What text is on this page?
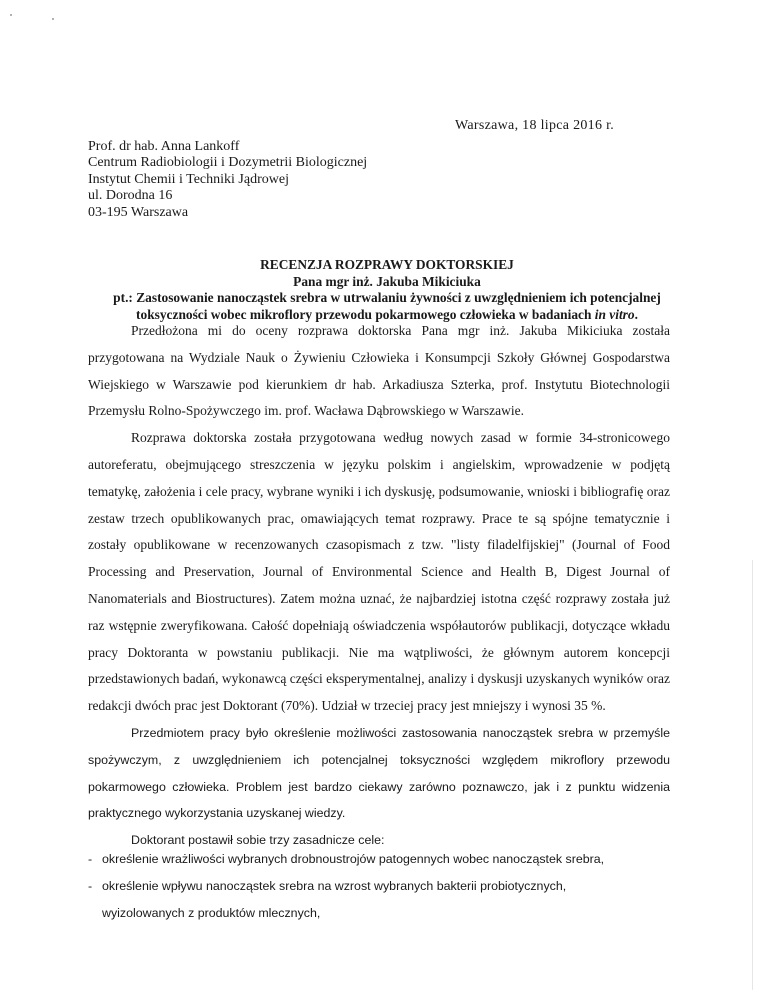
Warszawa, 18 lipca 2016 r.
Prof. dr hab. Anna Lankoff
Centrum Radiobiologii i Dozymetrii Biologicznej
Instytut Chemii i Techniki Jądrowej
ul. Dorodna 16
03-195 Warszawa
RECENZJA ROZPRAWY DOKTORSKIEJ
Pana mgr inż. Jakuba Mikiciuka
pt.: Zastosowanie nanocząstek srebra w utrwalaniu żywności z uwzględnieniem ich potencjalnej
toksyczności wobec mikroflory przewodu pokarmowego człowieka w badaniach in vitro.

Przedłożona mi do oceny rozprawa doktorska Pana mgr inż. Jakuba Mikiciuka została przygotowana na Wydziale Nauk o Żywieniu Człowieka i Konsumpcji Szkoły Głównej Gospodarstwa Wiejskiego w Warszawie pod kierunkiem dr hab. Arkadiusza Szterka, prof. Instytutu Biotechnologii Przemysłu Rolno-Spożywczego im. prof. Wacława Dąbrowskiego w Warszawie.

Rozprawa doktorska została przygotowana według nowych zasad w formie 34-stronicowego autoreferatu, obejmującego streszczenia w języku polskim i angielskim, wprowadzenie w podjętą tematykę, założenia i cele pracy, wybrane wyniki i ich dyskusję, podsumowanie, wnioski i bibliografię oraz zestaw trzech opublikowanych prac, omawiających temat rozprawy. Prace te są spójne tematycznie i zostały opublikowane w recenzowanych czasopismach z tzw. "listy filadelfijskiej" (Journal of Food Processing and Preservation, Journal of Environmental Science and Health B, Digest Journal of Nanomaterials and Biostructures). Zatem można uznać, że najbardziej istotna część rozprawy została już raz wstępnie zweryfikowana. Całość dopełniają oświadczenia współautorów publikacji, dotyczące wkładu pracy Doktoranta w powstaniu publikacji. Nie ma wątpliwości, że głównym autorem koncepcji przedstawionych badań, wykonawcą części eksperymentalnej, analizy i dyskusji uzyskanych wyników oraz redakcji dwóch prac jest Doktorant (70%). Udział w trzeciej pracy jest mniejszy i wynosi 35 %.

Przedmiotem pracy było określenie możliwości zastosowania nanocząstek srebra w przemyśle spożywczym, z uwzględnieniem ich potencjalnej toksyczności względem mikroflory przewodu pokarmowego człowieka. Problem jest bardzo ciekawy zarówno poznawczo, jak i z punktu widzenia praktycznego wykorzystania uzyskanej wiedzy.

Doktorant postawił sobie trzy zasadnicze cele:

- określenie wrażliwości wybranych drobnoustrojów patogennych wobec nanocząstek srebra,
- określenie wpływu nanocząstek srebra na wzrost wybranych bakterii probiotycznych,
wyizolowanych z produktów mlecznych,
